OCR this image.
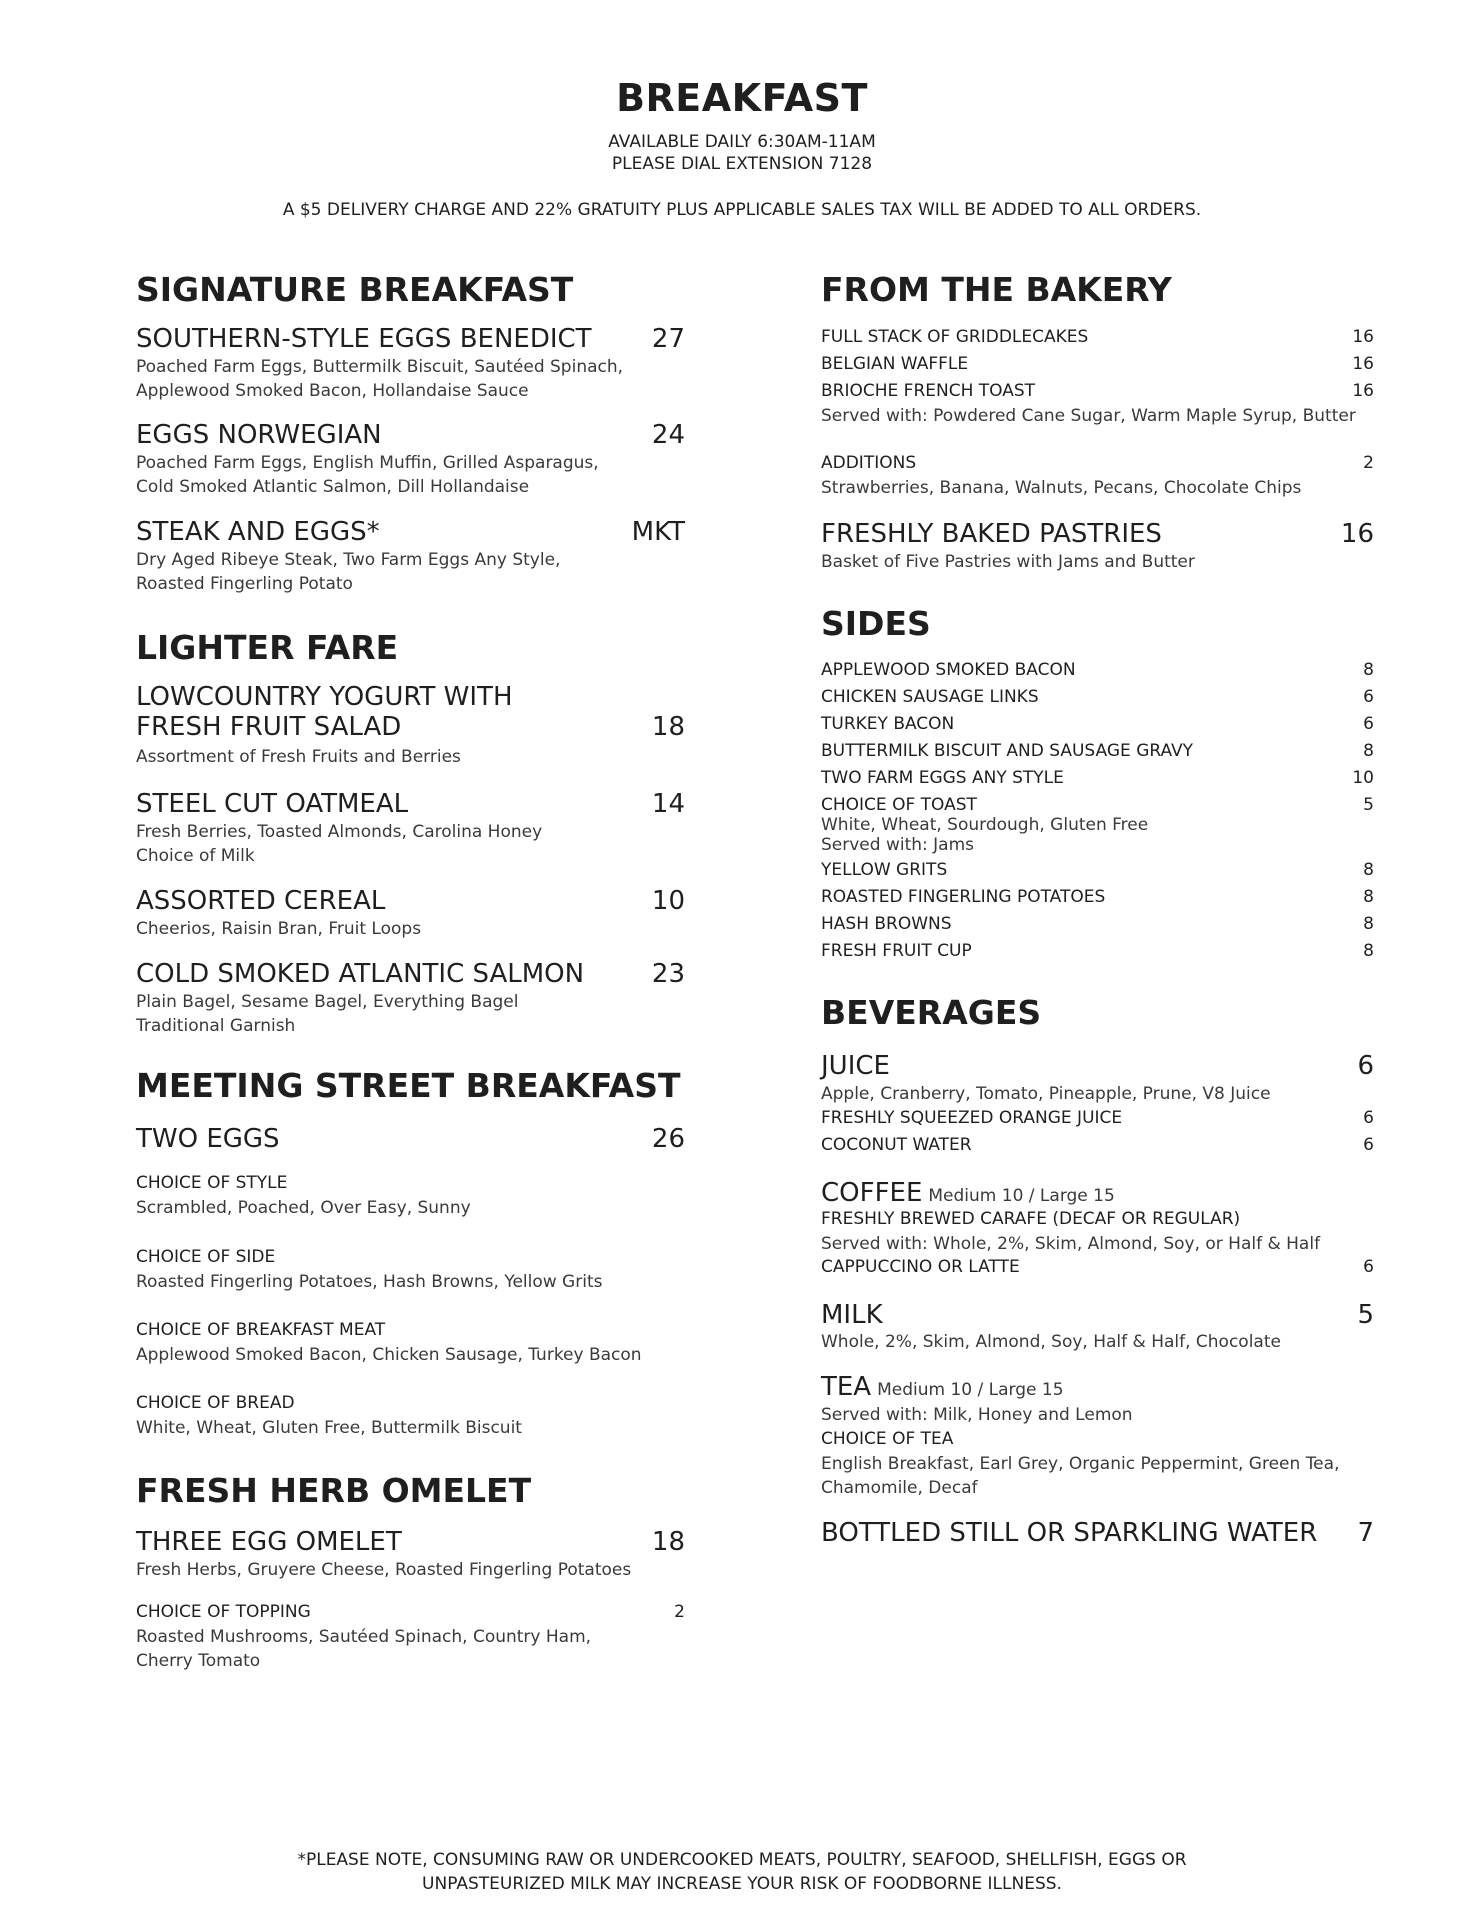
BREAKFAST
AVAILABLE DAILY 6:30AM-11AM
PLEASE DIAL EXTENSION 7128
A $5 DELIVERY CHARGE AND 22% GRATUITY PLUS APPLICABLE SALES TAX WILL BE ADDED TO ALL ORDERS.
SIGNATURE BREAKFAST
SOUTHERN-STYLE EGGS BENEDICT 27
Poached Farm Eggs, Buttermilk Biscuit, Sautéed Spinach,
Applewood Smoked Bacon, Hollandaise Sauce
EGGS NORWEGIAN	24
Poached Farm Eggs, English Muffin, Grilled Asparagus,
Cold Smoked Atlantic Salmon, Dill Hollandaise
STEAK AND EGGS*	MKT
Dry Aged Ribeye Steak, Two Farm Eggs Any Style,
Roasted Fingerling Potato
LIGHTER FARE
LOWCOUNTRY YOGURT WITH
FRESH FRUIT SALAD	18
Assortment of Fresh Fruits and Berries
STEEL CUT OATMEAL	14
Fresh Berries, Toasted Almonds, Carolina Honey
Choice of Milk
ASSORTED CEREAL	10
Cheerios, Raisin Bran, Fruit Loops
COLD SMOKED ATLANTIC SALMON	23
Plain Bagel, Sesame Bagel, Everything Bagel
Traditional Garnish
MEETING STREET BREAKFAST
TWO EGGS	26
CHOICE OF STYLE
Scrambled, Poached, Over Easy, Sunny
CHOICE OF SIDE
Roasted Fingerling Potatoes, Hash Browns, Yellow Grits
CHOICE OF BREAKFAST MEAT
Applewood Smoked Bacon, Chicken Sausage, Turkey Bacon
CHOICE OF BREAD
White, Wheat, Gluten Free, Buttermilk Biscuit
FRESH HERB OMELET
THREE EGG OMELET	18
Fresh Herbs, Gruyere Cheese, Roasted Fingerling Potatoes
CHOICE OF TOPPING	2
Roasted Mushrooms, Sautéed Spinach, Country Ham,
Cherry Tomato
FROM THE BAKERY
FULL STACK OF GRIDDLECAKES	16
BELGIAN WAFFLE	16
BRIOCHE FRENCH TOAST	16
Served with: Powdered Cane Sugar, Warm Maple Syrup, Butter
ADDITIONS	2
Strawberries, Banana, Walnuts, Pecans, Chocolate Chips
FRESHLY BAKED PASTRIES	16
Basket of Five Pastries with Jams and Butter
SIDES
APPLEWOOD SMOKED BACON	8
CHICKEN SAUSAGE LINKS	6
TURKEY BACON	6
BUTTERMILK BISCUIT AND SAUSAGE GRAVY	8
TWO FARM EGGS ANY STYLE	10
CHOICE OF TOAST	5
White, Wheat, Sourdough, Gluten Free
Served with: Jams
YELLOW GRITS	8
ROASTED FINGERLING POTATOES	8
HASH BROWNS	8
FRESH FRUIT CUP	8
BEVERAGES
JUICE	6
Apple, Cranberry, Tomato, Pineapple, Prune, V8 Juice
FRESHLY SQUEEZED ORANGE JUICE	6
COCONUT WATER	6
COFFEE Medium 10 / Large 15
FRESHLY BREWED CARAFE (DECAF OR REGULAR)
Served with: Whole, 2%, Skim, Almond, Soy, or Half & Half
CAPPUCCINO OR LATTE	6
MILK	5
Whole, 2%, Skim, Almond, Soy, Half & Half, Chocolate
TEA Medium 10 / Large 15
Served with: Milk, Honey and Lemon
CHOICE OF TEA
English Breakfast, Earl Grey, Organic Peppermint, Green Tea,
Chamomile, Decaf
BOTTLED STILL OR SPARKLING WATER 7
*PLEASE NOTE, CONSUMING RAW OR UNDERCOOKED MEATS, POULTRY, SEAFOOD, SHELLFISH, EGGS OR
UNPASTEURIZED MILK MAY INCREASE YOUR RISK OF FOODBORNE ILLNESS.
